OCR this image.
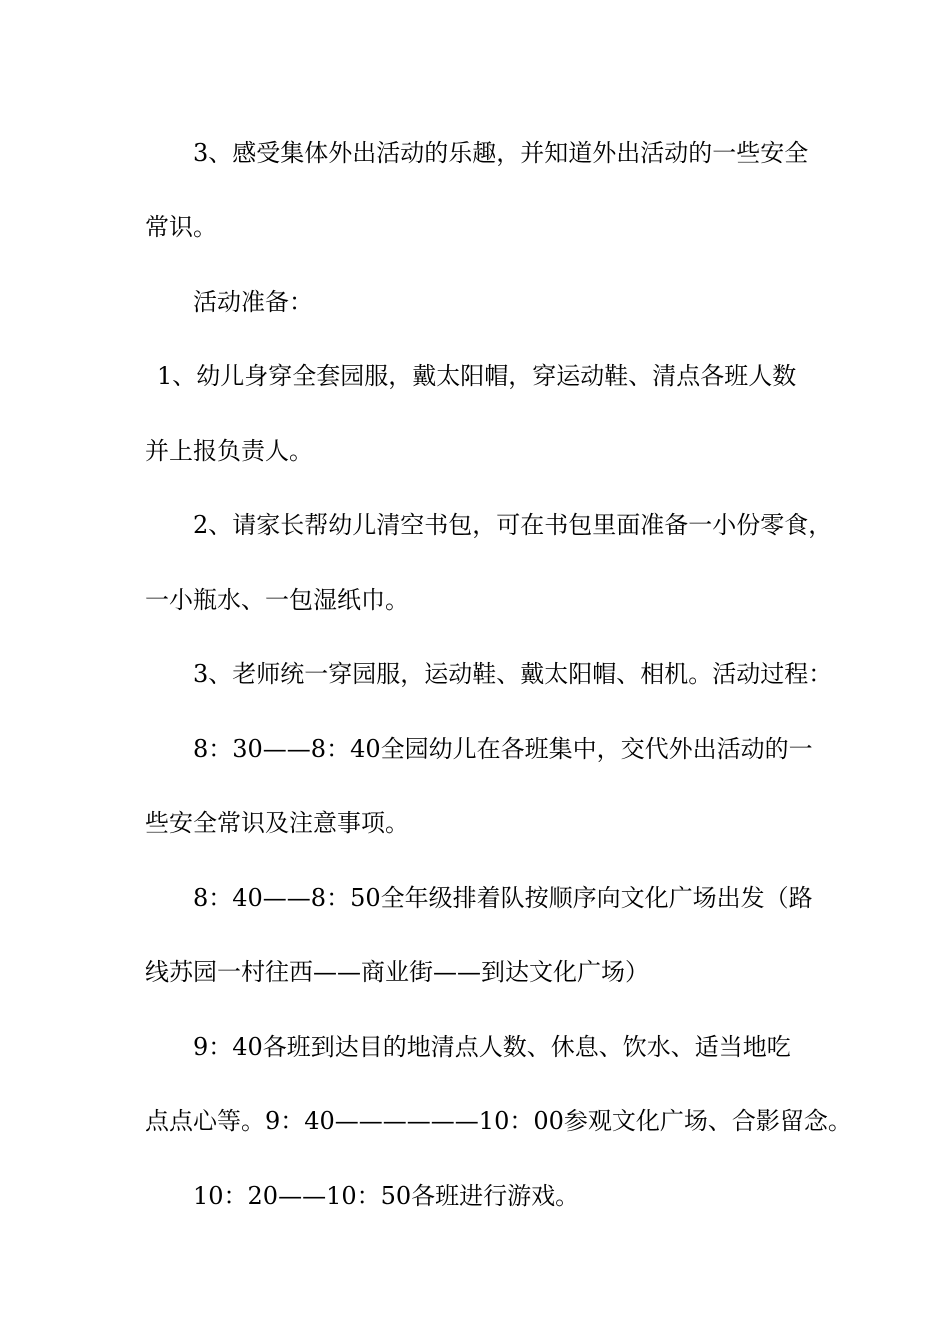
3、感受集体外出活动的乐趣，并知道外出活动的一些安全
常识。
活动准备：
1、幼儿身穿全套园服，戴太阳帽，穿运动鞋、清点各班人数
并上报负责人。
2、请家长帮幼儿清空书包，可在书包里面准备一小份零食，
一小瓶水、一包湿纸巾。
3、老师统一穿园服，运动鞋、戴太阳帽、相机。活动过程：
8：30——8：40全园幼儿在各班集中，交代外出活动的一
些安全常识及注意事项。
8：40——8：50全年级排着队按顺序向文化广场出发（路
线苏园一村往西——商业街——到达文化广场）
9：40各班到达目的地清点人数、休息、饮水、适当地吃
点点心等。9：40——————10：00参观文化广场、合影留念。
10：20——10：50各班进行游戏。
